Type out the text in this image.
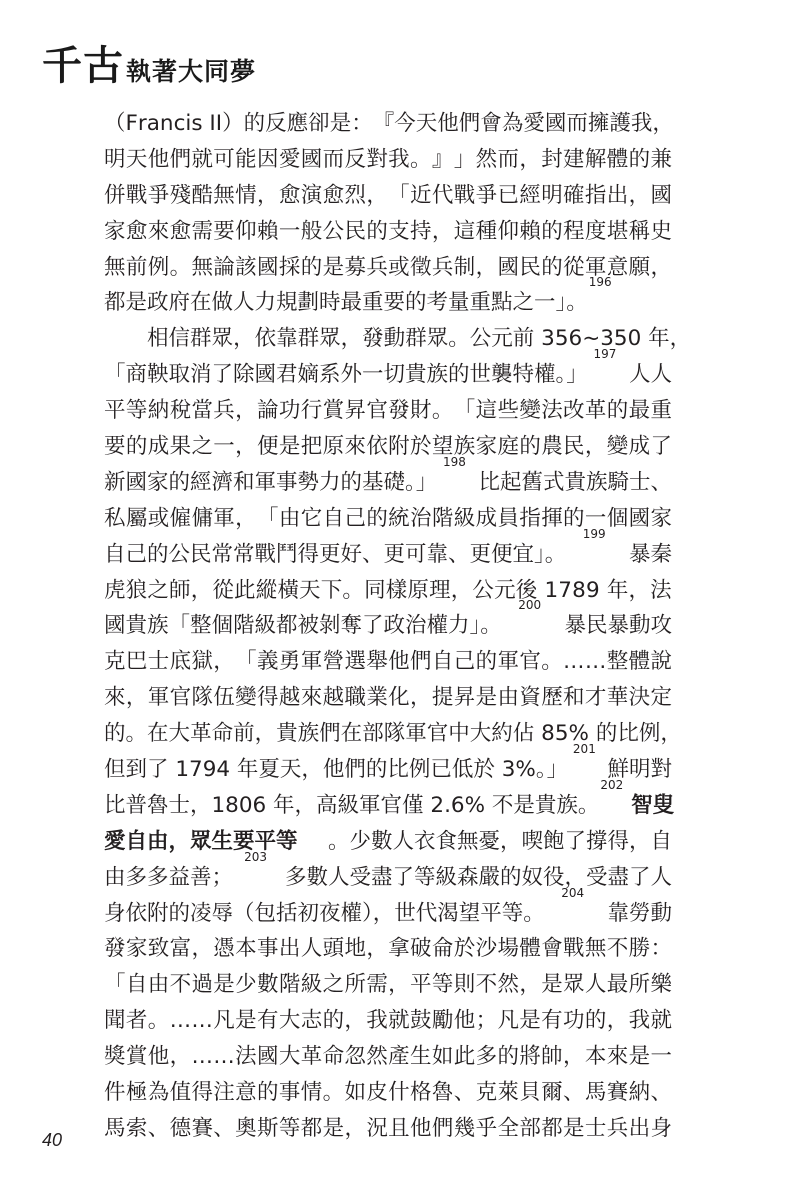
千古 執著大同夢
（ F r a n c i s
I I ） 的 反 應 卻 是 ： 『 今 天 他 們 會 為 愛 國 而 擁 護 我 ，
明 天 他 們 就 可 能 因 愛 國 而 反 對 我 。 』 」 然 而 ， 封 建 解 體 的 兼
併 戰 爭 殘 酷 無 情 ， 愈 演 愈 烈 ， 「 近 代 戰 爭 已 經 明 確 指 出 ， 國
家 愈 來 愈 需 要 仰 賴 一 般 公 民 的 支 持 ， 這 種 仰 賴 的 程 度 堪 稱 史
無 前 例 。 無 論 該 國 採 的 是 募 兵 或 徵 兵 制 ， 國 民 的 從 軍 意 願 ，
都是政府在做人力規劃時最重要的考量重點之一」。
196
相 信 群 眾 ， 依 靠 群 眾 ， 發 動 群 眾 。 公 元 前
3 5 6 ~ 3 5 0
年 ，
「商鞅取消了除國君嫡系外一切貴族的世襲特權。」
197
人人
平 等 納 稅 當 兵 ， 論 功 行 賞 昇 官 發 財 。 「 這 些 變 法 改 革 的 最 重
要 的 成 果 之 一 ， 便 是 把 原 來 依 附 於 望 族 家 庭 的 農 民 ， 變 成 了
新國家的經濟和軍事勢力的基礎。」
198
比起舊式貴族騎士、
私 屬 或 僱 傭 軍 ， 「 由 它 自 己 的 統 治 階 級 成 員 指 揮 的 一 個 國 家
自己的公民常常戰鬥得更好、更可靠、更便宜」。
199
暴秦
虎 狼 之 師 ， 從 此 縱 橫 天 下 。 同 樣 原 理 ， 公 元 後
1 7 8 9
年 ， 法
國貴族「整個階級都被剝奪了政治權力」。
200
暴民暴動攻
克 巴 士 底 獄 ， 「 義 勇 軍 營 選 舉 他 們 自 己 的 軍 官 。 … … 整 體 說
來 ， 軍 官 隊 伍 變 得 越 來 越 職 業 化 ， 提 昇 是 由 資 歷 和 才 華 決 定
的 。 在 大 革 命 前 ， 貴 族 們 在 部 隊 軍 官 中 大 約 佔
8 5 %
的 比 例 ，
但到了 1794 年夏天，他們的比例已低於 3%。」
201
鮮明對
比普魯士，1806 年，高級軍官僅 2.6% 不是貴族。
202

智叟
愛自由，眾生要平等 。少數人衣食無憂，喫飽了撐得，自
由多多益善；
203
多數人受盡了等級森嚴的奴役，受盡了人
身依附的凌辱（包括初夜權），世代渴望平等。
204
靠勞動
發 家 致 富 ， 憑 本 事 出 人 頭 地 ， 拿 破 侖 於 沙 場 體 會 戰 無 不 勝 ：
「 自 由 不 過 是 少 數 階 級 之 所 需 ， 平 等 則 不 然 ， 是 眾 人 最 所 樂
聞 者 。 … … 凡 是 有 大 志 的 ， 我 就 鼓 勵 他 ； 凡 是 有 功 的 ， 我 就
獎 賞 他 ， … … 法 國 大 革 命 忽 然 產 生 如 此 多 的 將 帥 ， 本 來 是 一
件 極 為 值 得 注 意 的 事 情 。 如 皮 什 格 魯 、 克 萊 貝 爾 、 馬 賽 納 、
馬 索 、 德 賽 、 奧 斯 等 都 是 ， 況 且 他 們 幾 乎 全 部 都 是 士 兵 出 身
40
